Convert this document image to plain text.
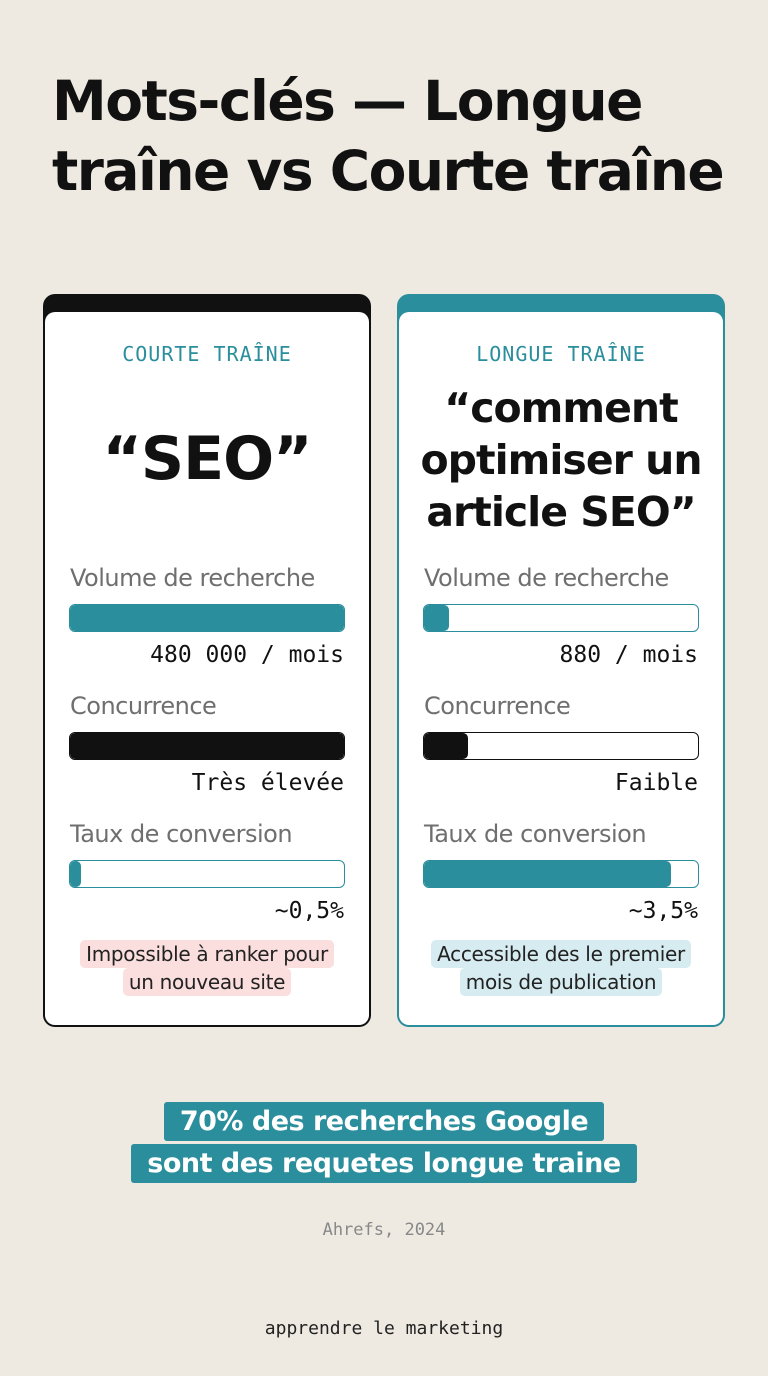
Mots-clés — Longue
traîne vs Courte traîne
COURTE TRAÎNE
“SEO”
Volume de recherche
480 000 / mois
Concurrence
Très élevée
Taux de conversion
~0,5%
Impossible à ranker pour
un nouveau site
LONGUE TRAÎNE
“comment
optimiser un
article SEO”
Volume de recherche
880 / mois
Concurrence
Faible
Taux de conversion
~3,5%
Accessible des le premier
mois de publication
70% des recherches Google
sont des requetes longue traine
Ahrefs, 2024
apprendre le marketing
